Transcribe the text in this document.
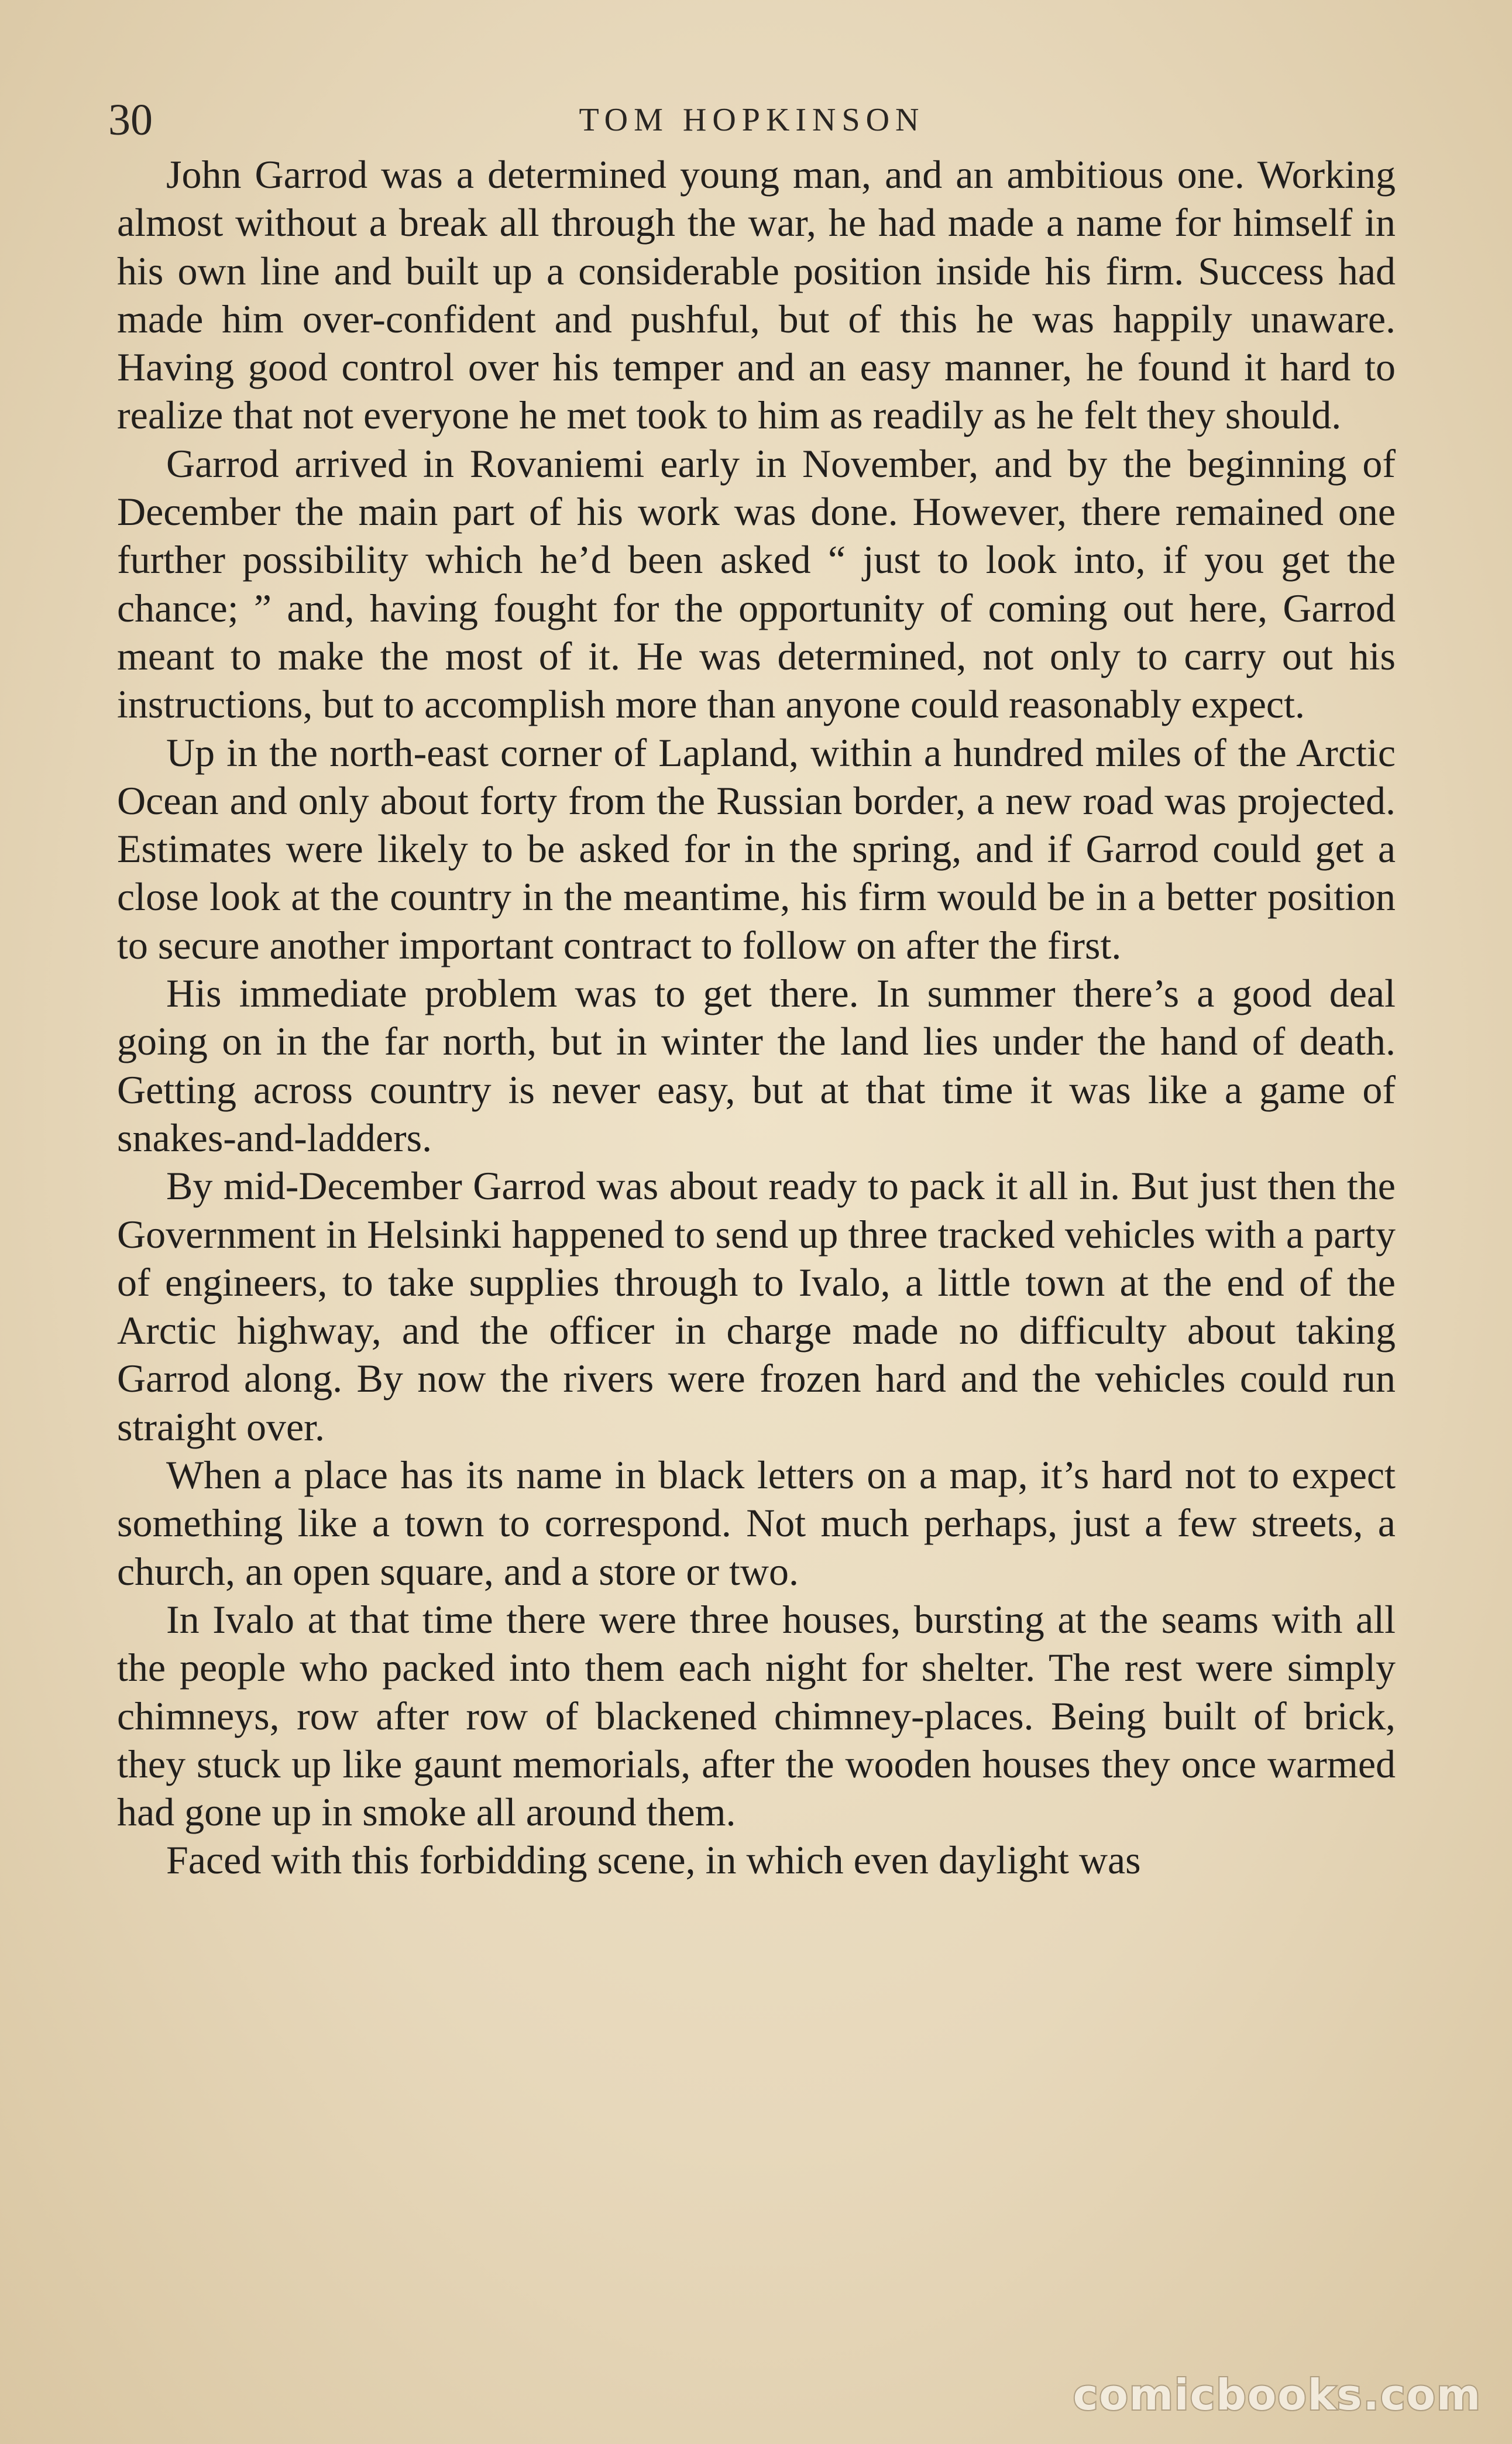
30	TOM HOPKINSON

John Garrod was a determined young man, and an ambitious one. Working almost without a break all through the war, he had made a name for himself in his own line and built up a considerable position inside his firm. Success had made him over-confident and pushful, but of this he was happily unaware. Having good control over his temper and an easy manner, he found it hard to realize that not everyone he met took to him as readily as he felt they should.

Garrod arrived in Rovaniemi early in November, and by the beginning of December the main part of his work was done. However, there remained one further possibility which he’d been asked “ just to look into, if you get the chance; ” and, having fought for the opportunity of coming out here, Garrod meant to make the most of it. He was determined, not only to carry out his instructions, but to accomplish more than anyone could reasonably expect.

Up in the north-east corner of Lapland, within a hundred miles of the Arctic Ocean and only about forty from the Russian border, a new road was projected. Estimates were likely to be asked for in the spring, and if Garrod could get a close look at the country in the meantime, his firm would be in a better position to secure another important contract to follow on after the first.

His immediate problem was to get there. In summer there’s a good deal going on in the far north, but in winter the land lies under the hand of death. Getting across country is never easy, but at that time it was like a game of snakes-and-ladders.

By mid-December Garrod was about ready to pack it all in. But just then the Government in Helsinki happened to send up three tracked vehicles with a party of engineers, to take supplies through to Ivalo, a little town at the end of the Arctic highway, and the officer in charge made no difficulty about taking Garrod along. By now the rivers were frozen hard and the vehicles could run straight over.

When a place has its name in black letters on a map, it’s hard not to expect something like a town to correspond. Not much perhaps, just a few streets, a church, an open square, and a store or two.

In Ivalo at that time there were three houses, bursting at the seams with all the people who packed into them each night for shelter. The rest were simply chimneys, row after row of blackened chimney-places. Being built of brick, they stuck up like gaunt memorials, after the wooden houses they once warmed had gone up in smoke all around them.

Faced with this forbidding scene, in which even daylight was

comicbooks.com
